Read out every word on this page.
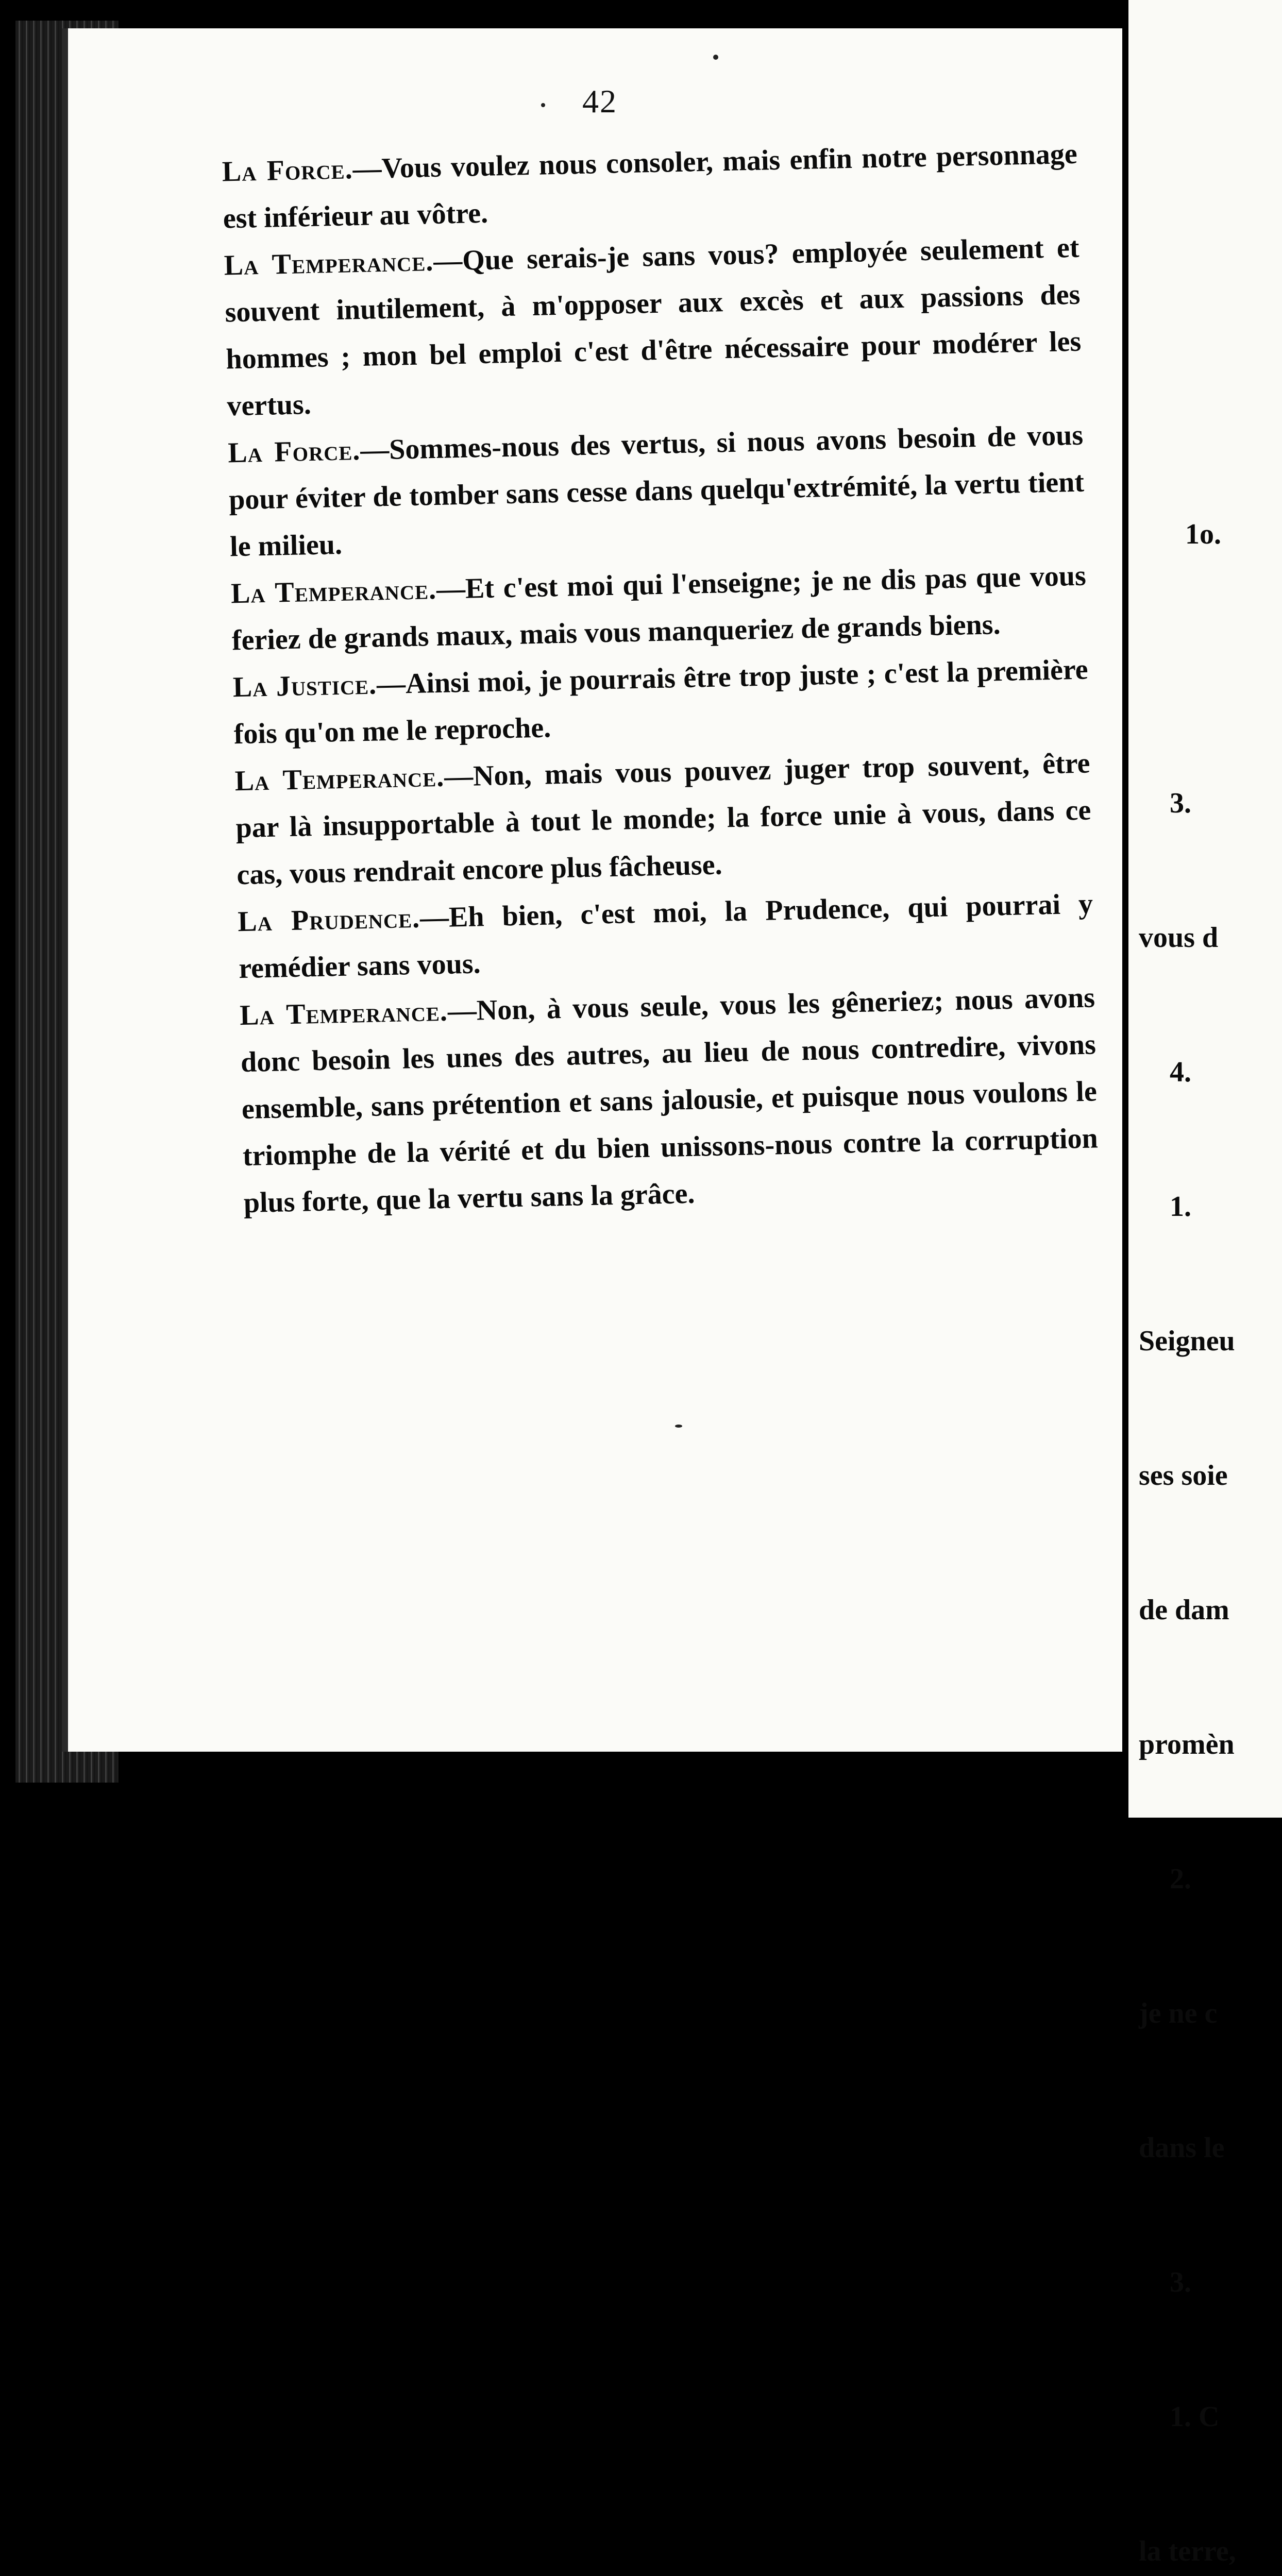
42

La Force.—Vous voulez nous consoler, mais enfin notre personnage est inférieur au vôtre.

La Temperance.—Que serais-je sans vous? employée seulement et souvent inutilement, à m'opposer aux excès et aux passions des hommes ; mon bel emploi c'est d'être nécessaire pour modérer les vertus.

La Force.—Sommes-nous des vertus, si nous avons besoin de vous pour éviter de tomber sans cesse dans quelqu'extrémité, la vertu tient le milieu.

La Temperance.—Et c'est moi qui l'enseigne; je ne dis pas que vous feriez de grands maux, mais vous manqueriez de grands biens.

La Justice.—Ainsi moi, je pourrais être trop juste ; c'est la première fois qu'on me le reproche.

La Temperance.—Non, mais vous pouvez juger trop souvent, être par là insupportable à tout le monde; la force unie à vous, dans ce cas, vous rendrait encore plus fâcheuse.

La Prudence.—Eh bien, c'est moi, la Prudence, qui pourrai y remédier sans vous.

La Temperance.—Non, à vous seule, vous les gêneriez; nous avons donc besoin les unes des autres, au lieu de nous contredire, vivons ensemble, sans prétention et sans jalousie, et puisque nous voulons le triomphe de la vérité et du bien unissons-nous contre la corruption plus forte, que la vertu sans la grâce.

1o.

3.

vous d

4.

1.

Seigneu

ses soie

de dam

promèn

2.

je ne c

dans le

3.

1. C

la terre,
